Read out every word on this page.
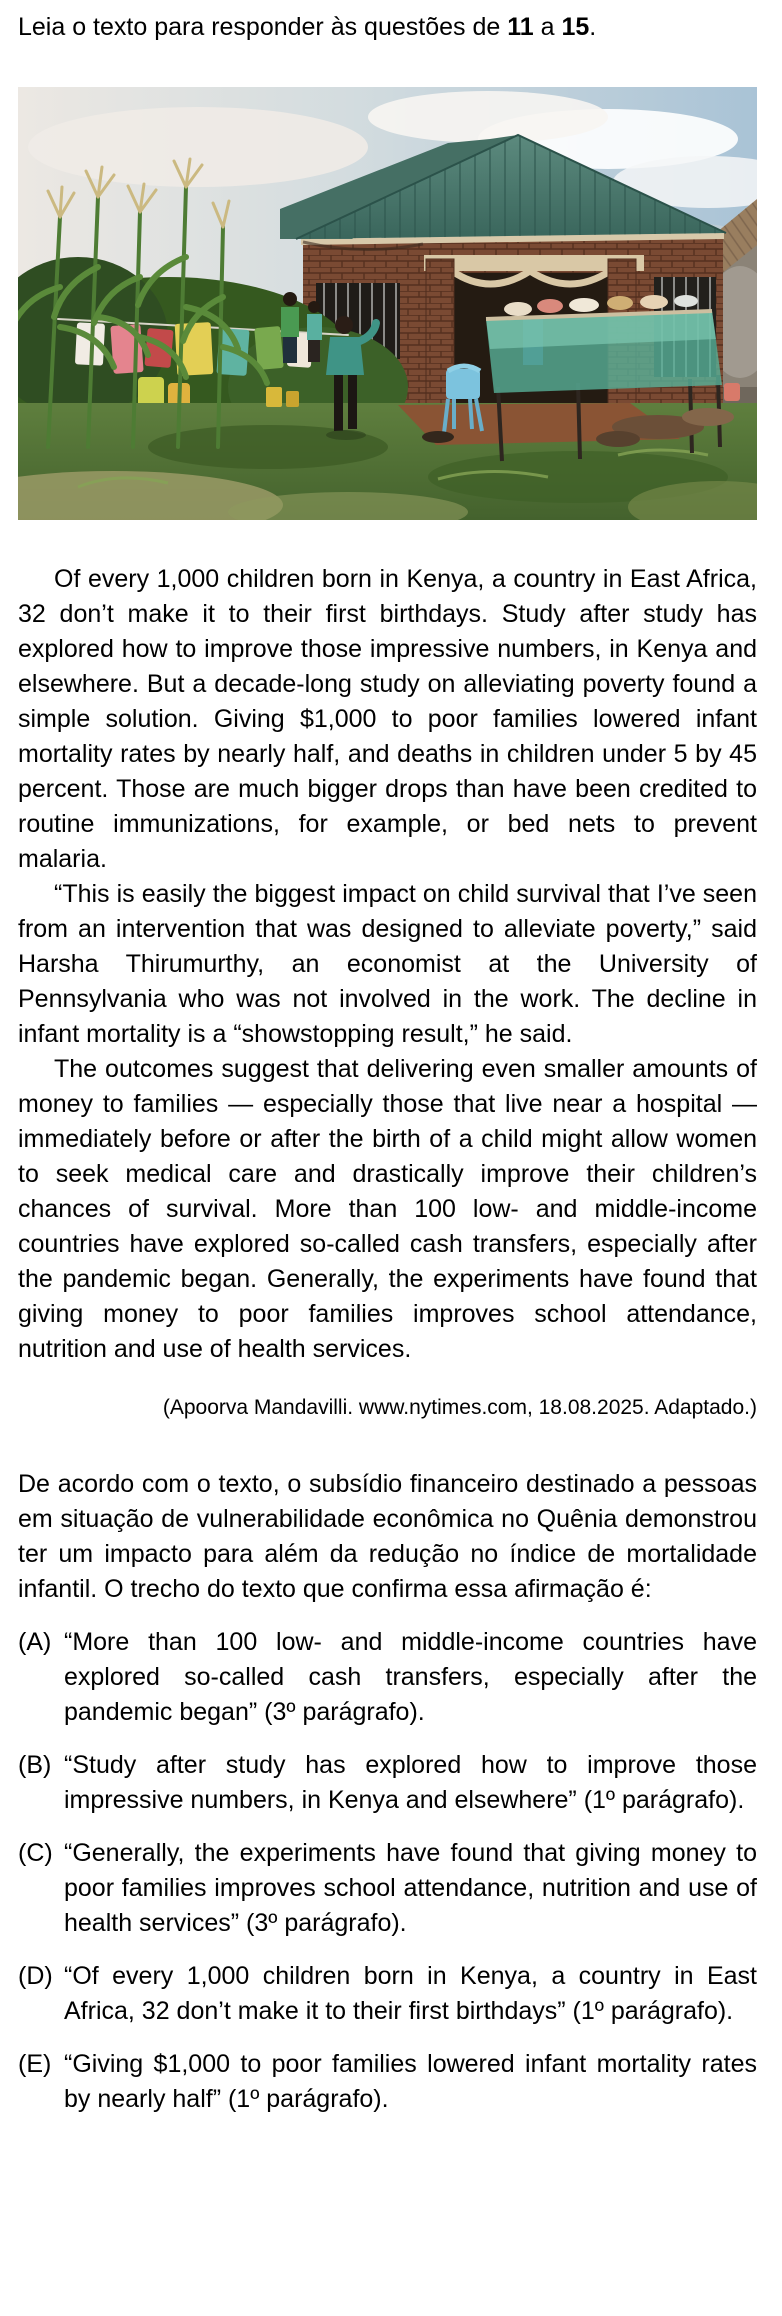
Leia o texto para responder às questões de 11 a 15.

Of every 1,000 children born in Kenya, a country in East Africa, 32 don’t make it to their first birthdays. Study after study has explored how to improve those impressive numbers, in Kenya and elsewhere. But a decade-long study on alleviating poverty found a simple solution. Giving $1,000 to poor families lowered infant mortality rates by nearly half, and deaths in children under 5 by 45 percent. Those are much bigger drops than have been credited to routine immunizations, for example, or bed nets to prevent malaria.

“This is easily the biggest impact on child survival that I’ve seen from an intervention that was designed to alleviate poverty,” said Harsha Thirumurthy, an economist at the University of Pennsylvania who was not involved in the work. The decline in infant mortality is a “showstopping result,” he said.

The outcomes suggest that delivering even smaller amounts of money to families — especially those that live near a hospital — immediately before or after the birth of a child might allow women to seek medical care and drastically improve their children’s chances of survival. More than 100 low- and middle-income countries have explored so-called cash transfers, especially after the pandemic began. Generally, the experiments have found that giving money to poor families improves school attendance, nutrition and use of health services.

(Apoorva Mandavilli. www.nytimes.com, 18.08.2025. Adaptado.)
De acordo com o texto, o subsídio financeiro destinado a pessoas em situação de vulnerabilidade econômica no Quênia demonstrou ter um impacto para além da redução no índice de mortalidade infantil. O trecho do texto que confirma essa afirmação é:
(A) “More than 100 low- and middle-income countries have explored so-called cash transfers, especially after the pandemic began” (3º parágrafo).
(B) “Study after study has explored how to improve those impressive numbers, in Kenya and elsewhere” (1º parágrafo).
(C) “Generally, the experiments have found that giving money to poor families improves school attendance, nutrition and use of health services” (3º parágrafo).
(D) “Of every 1,000 children born in Kenya, a country in East Africa, 32 don’t make it to their first birthdays” (1º parágrafo).
(E) “Giving $1,000 to poor families lowered infant mortality rates by nearly half” (1º parágrafo).
